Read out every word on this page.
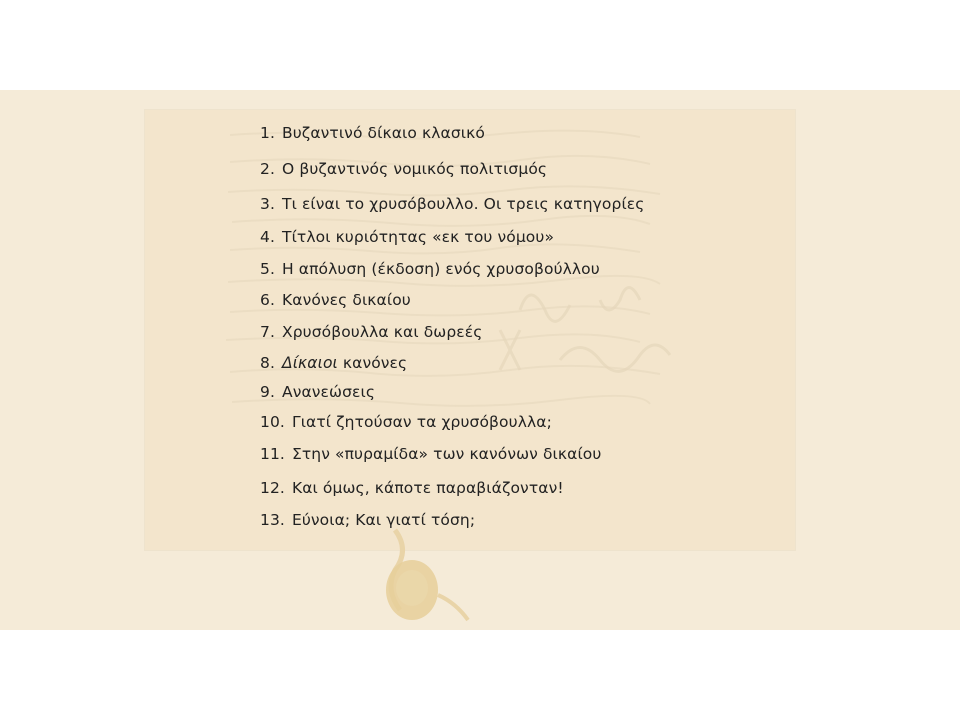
1. Βυζαντινό δίκαιο κλασικό
2. Ο βυζαντινός νομικός πολιτισμός
3. Τι είναι το χρυσόβουλλο. Οι τρεις κατηγορίες
4. Τίτλοι κυριότητας «εκ του νόμου»
5. Η απόλυση (έκδοση) ενός χρυσοβούλλου
6. Κανόνες δικαίου
7. Χρυσόβουλλα και δωρεές
8. Δίκαιοι κανόνες
9. Ανανεώσεις
10. Γιατί ζητούσαν τα χρυσόβουλλα;
11. Στην «πυραμίδα» των κανόνων δικαίου
12. Και όμως, κάποτε παραβιάζονταν!
13. Εύνοια; Και γιατί τόση;
